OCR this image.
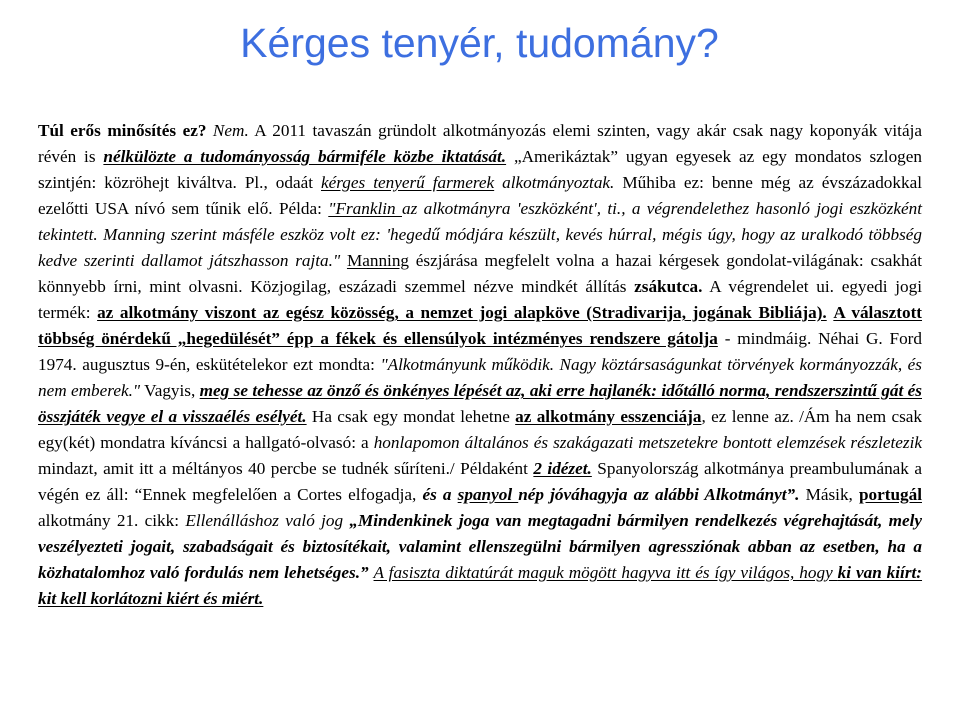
Kérges tenyér, tudomány?

Túl erős minősítés ez? Nem. A 2011 tavaszán gründolt alkotmányozás elemi szinten, vagy akár csak nagy koponyák vitája révén is nélkülözte a tudományosság bármiféle közbe iktatását. „Amerikáztak” ugyan egyesek az egy mondatos szlogen szintjén: közröhejt kiváltva. Pl., odaát kérges tenyerű farmerek alkotmányoztak. Műhiba ez: benne még az évszázadokkal ezelőtti USA nívó sem tűnik elő. Példa: "Franklin az alkotmányra 'eszközként', ti., a végrendelethez hasonló jogi eszközként tekintett. Manning szerint másféle eszköz volt ez: 'hegedű módjára készült, kevés húrral, mégis úgy, hogy az uralkodó többség kedve szerinti dallamot játszhasson rajta." Manning észjárása megfelelt volna a hazai kérgesek gondolat-világának: csakhát könnyebb írni, mint olvasni. Közjogilag, eszázadi szemmel nézve mindkét állítás zsákutca. A végrendelet ui. egyedi jogi termék: az alkotmány viszont az egész közösség, a nemzet jogi alapköve (Stradivarija, jogának Bibliája). A választott többség önérdekű „hegedülését” épp a fékek és ellensúlyok intézményes rendszere gátolja - mindmáig. Néhai G. Ford 1974. augusztus 9-én, eskütételekor ezt mondta: "Alkotmányunk működik. Nagy köztársaságunkat törvények kormányozzák, és nem emberek." Vagyis, meg se tehesse az önző és önkényes lépését az, aki erre hajlanék: időtálló norma, rendszerszintű gát és összjáték vegye el a visszaélés esélyét. Ha csak egy mondat lehetne az alkotmány esszenciája, ez lenne az. /Ám ha nem csak egy(két) mondatra kíváncsi a hallgató-olvasó: a honlapomon általános és szakágazati metszetekre bontott elemzések részletezik mindazt, amit itt a méltányos 40 percbe se tudnék sűríteni./ Példaként 2 idézet. Spanyolország alkotmánya preambulumának a végén ez áll: “Ennek megfelelően a Cortes elfogadja, és a spanyol nép jóváhagyja az alábbi Alkotmányt”. Másik, portugál alkotmány 21. cikk: Ellenálláshoz való jog „Mindenkinek joga van megtagadni bármilyen rendelkezés végrehajtását, mely veszélyezteti jogait, szabadságait és biztosítékait, valamint ellenszegülni bármilyen agressziónak abban az esetben, ha a közhatalomhoz való fordulás nem lehetséges.” A fasiszta diktatúrát maguk mögött hagyva itt és így világos, hogy ki van kiírt: kit kell korlátozni kiért és miért.
